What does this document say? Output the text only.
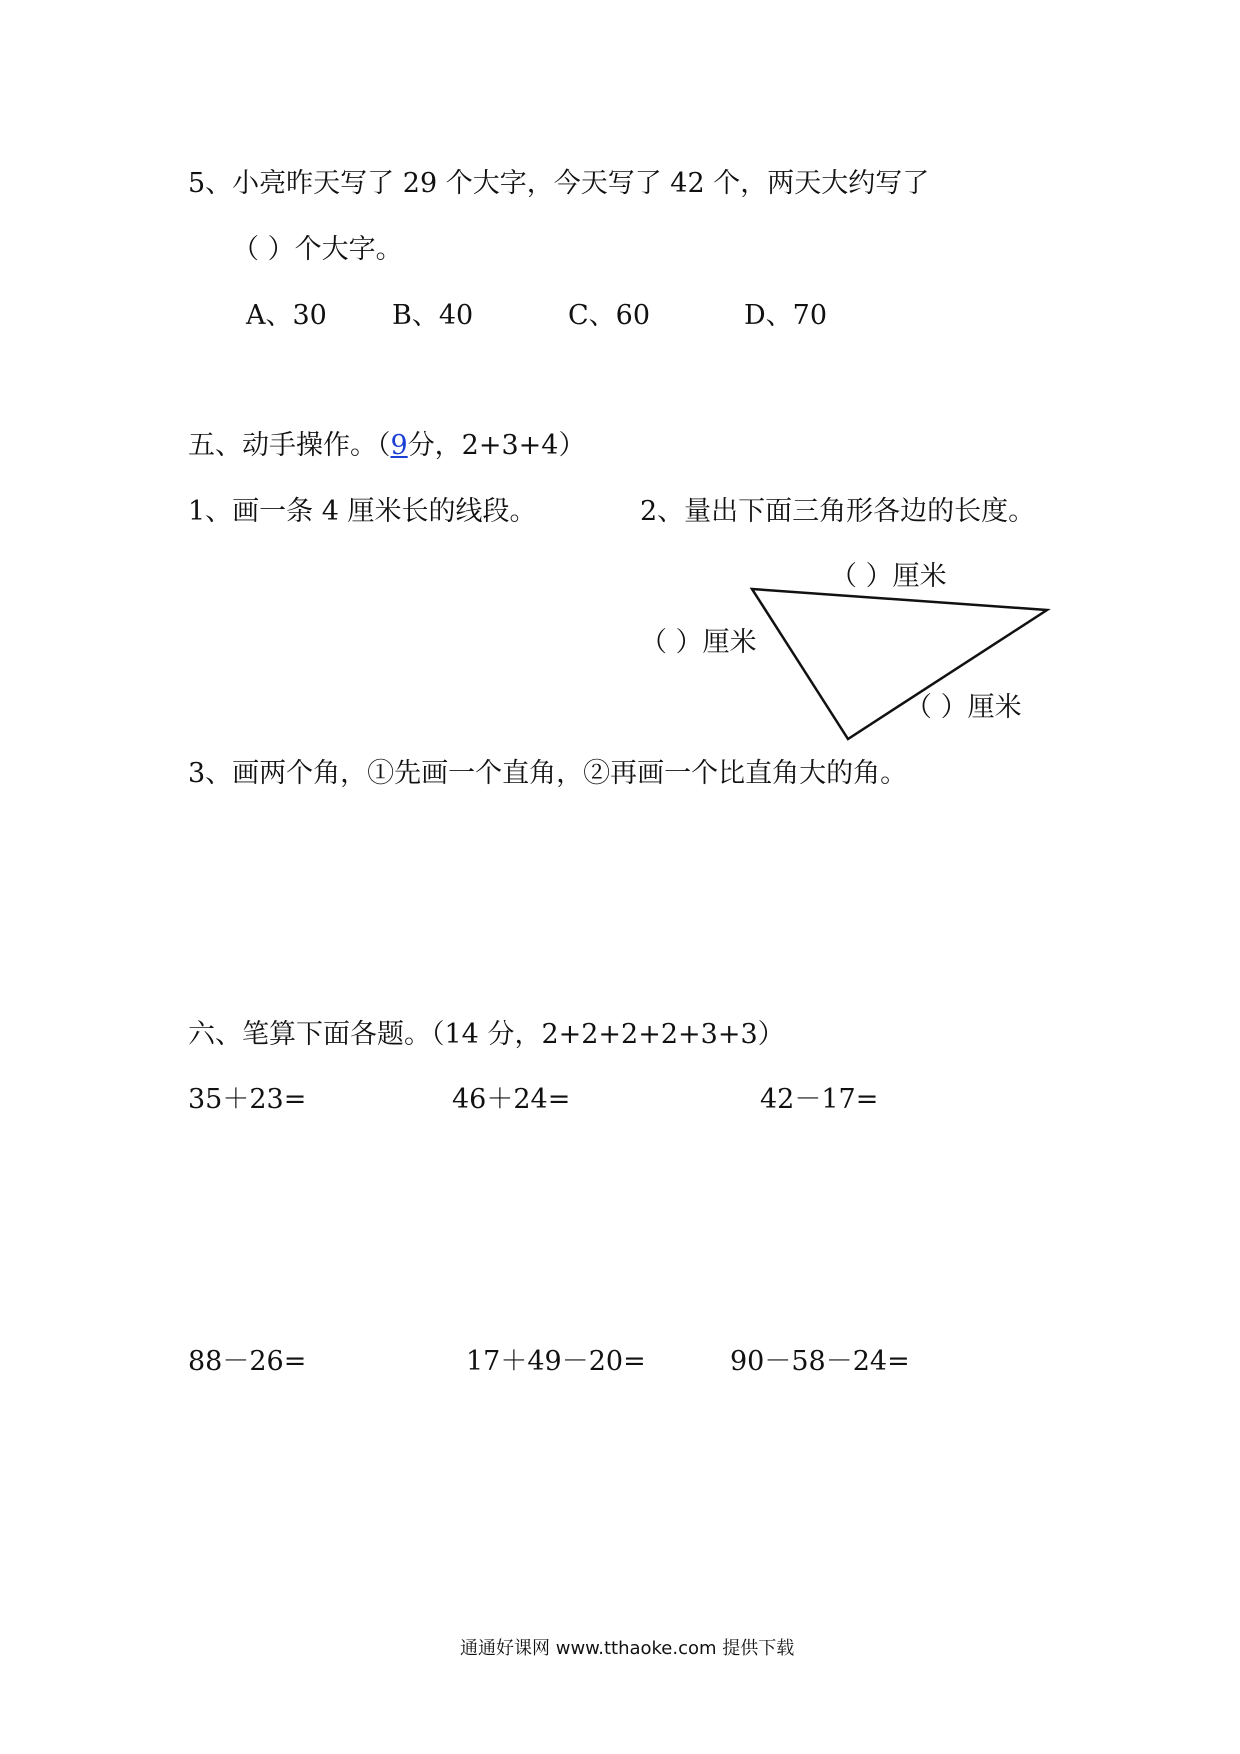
5、小亮昨天写了 29 个大字，今天写了 42 个，两天大约写了
（ ）个大字。
A、30 B、40	C、60	D、70
五、动手操作。（9分，2+3+4）
1、画一条 4 厘米长的线段。	2、量出下面三角形各边的长度。
（ ）厘米
（ ）厘米
（ ）厘米
3、画两个角，①先画一个直角，②再画一个比直角大的角。
六、笔算下面各题。（14 分，2+2+2+2+3+3）
35＋23=	46＋24=	42－17=
88－26=	17＋49－20=	90－58－24=
通通好课网 www.tthaoke.com 提供下载
